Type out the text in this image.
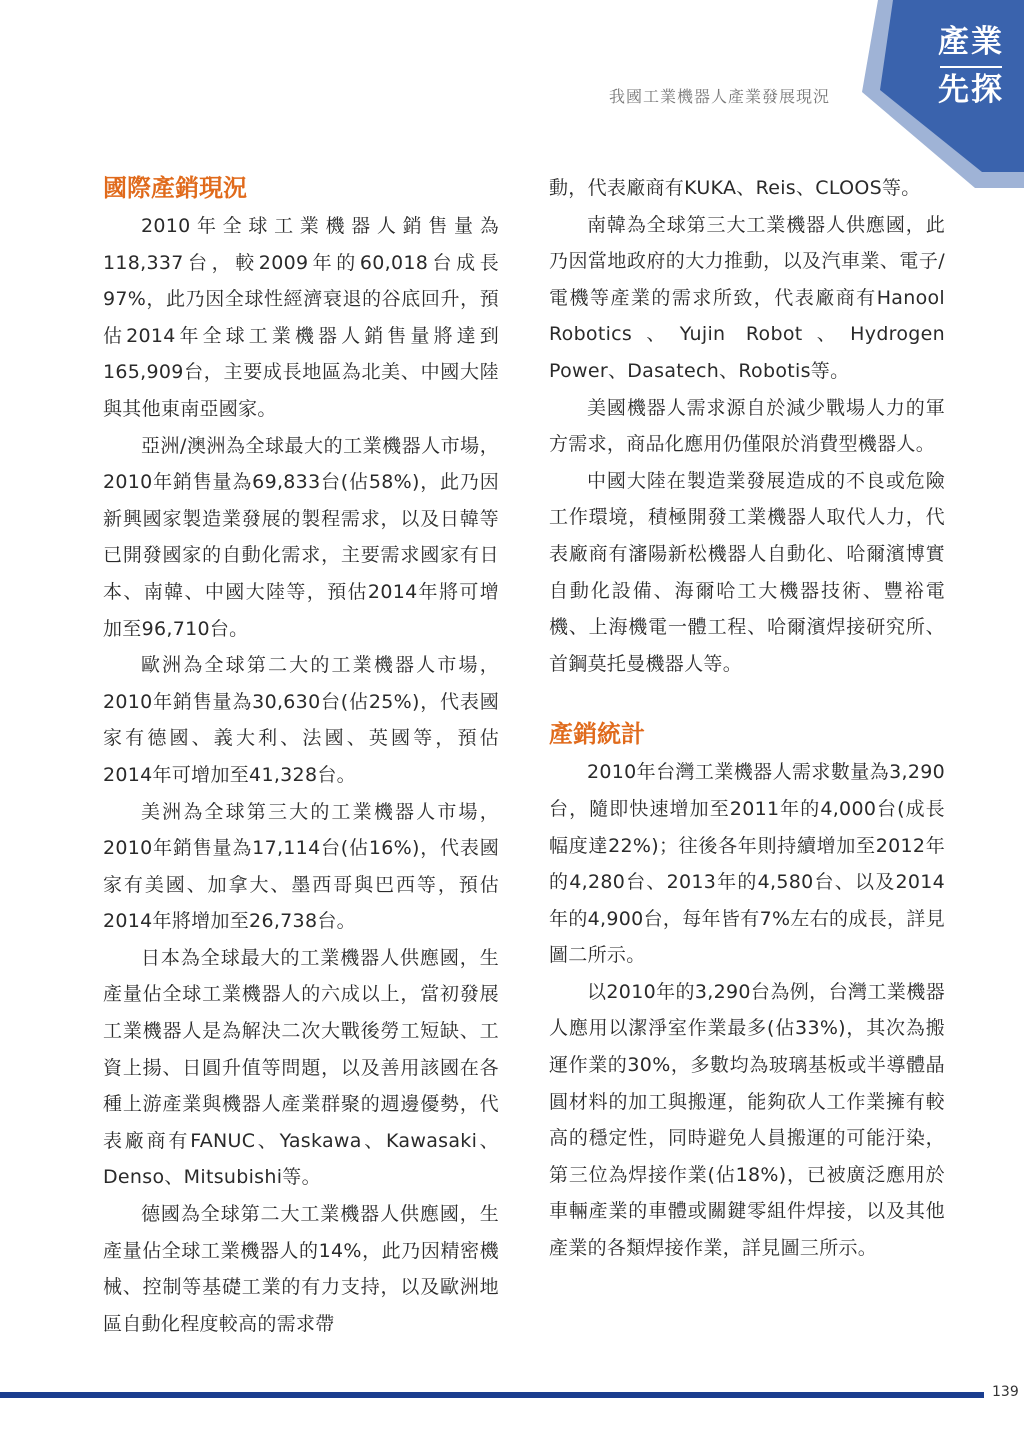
我國工業機器人產業發展現況
產業
先探
國際產銷現況

2010年全球工業機器人銷售量為118,337台，較2009年的60,018台成長97%，此乃因全球性經濟衰退的谷底回升，預估2014年全球工業機器人銷售量將達到165,909台，主要成長地區為北美、中國大陸與其他東南亞國家。

亞洲/澳洲為全球最大的工業機器人市場，2010年銷售量為69,833台(佔58%)，此乃因新興國家製造業發展的製程需求，以及日韓等已開發國家的自動化需求，主要需求國家有日本、南韓、中國大陸等，預估2014年將可增加至96,710台。

歐洲為全球第二大的工業機器人市場，2010年銷售量為30,630台(佔25%)，代表國家有德國、義大利、法國、英國等，預估2014年可增加至41,328台。

美洲為全球第三大的工業機器人市場，2010年銷售量為17,114台(佔16%)，代表國家有美國、加拿大、墨西哥與巴西等，預估2014年將增加至26,738台。

日本為全球最大的工業機器人供應國，生產量佔全球工業機器人的六成以上，當初發展工業機器人是為解決二次大戰後勞工短缺、工資上揚、日圓升值等問題，以及善用該國在各種上游產業與機器人產業群聚的週邊優勢，代表廠商有FANUC、Yaskawa、Kawasaki、Denso、Mitsubishi等。

德國為全球第二大工業機器人供應國，生產量佔全球工業機器人的14%，此乃因精密機械、控制等基礎工業的有力支持，以及歐洲地區自動化程度較高的需求帶

動，代表廠商有KUKA、Reis、CLOOS等。

南韓為全球第三大工業機器人供應國，此乃因當地政府的大力推動，以及汽車業、電子/電機等產業的需求所致，代表廠商有Hanool Robotics、Yujin Robot、Hydrogen Power、Dasatech、Robotis等。

美國機器人需求源自於減少戰場人力的軍方需求，商品化應用仍僅限於消費型機器人。

中國大陸在製造業發展造成的不良或危險工作環境，積極開發工業機器人取代人力，代表廠商有瀋陽新松機器人自動化、哈爾濱博實自動化設備、海爾哈工大機器技術、豐裕電機、上海機電一體工程、哈爾濱焊接研究所、首鋼莫托曼機器人等。

產銷統計

2010年台灣工業機器人需求數量為3,290台，隨即快速增加至2011年的4,000台(成長幅度達22%)；往後各年則持續增加至2012年的4,280台、2013年的4,580台、以及2014年的4,900台，每年皆有7%左右的成長，詳見圖二所示。

以2010年的3,290台為例，台灣工業機器人應用以潔淨室作業最多(佔33%)，其次為搬運作業的30%，多數均為玻璃基板或半導體晶圓材料的加工與搬運，能夠砍人工作業擁有較高的穩定性，同時避免人員搬運的可能汙染，第三位為焊接作業(佔18%)，已被廣泛應用於車輛產業的車體或關鍵零組件焊接，以及其他產業的各類焊接作業，詳見圖三所示。

139
